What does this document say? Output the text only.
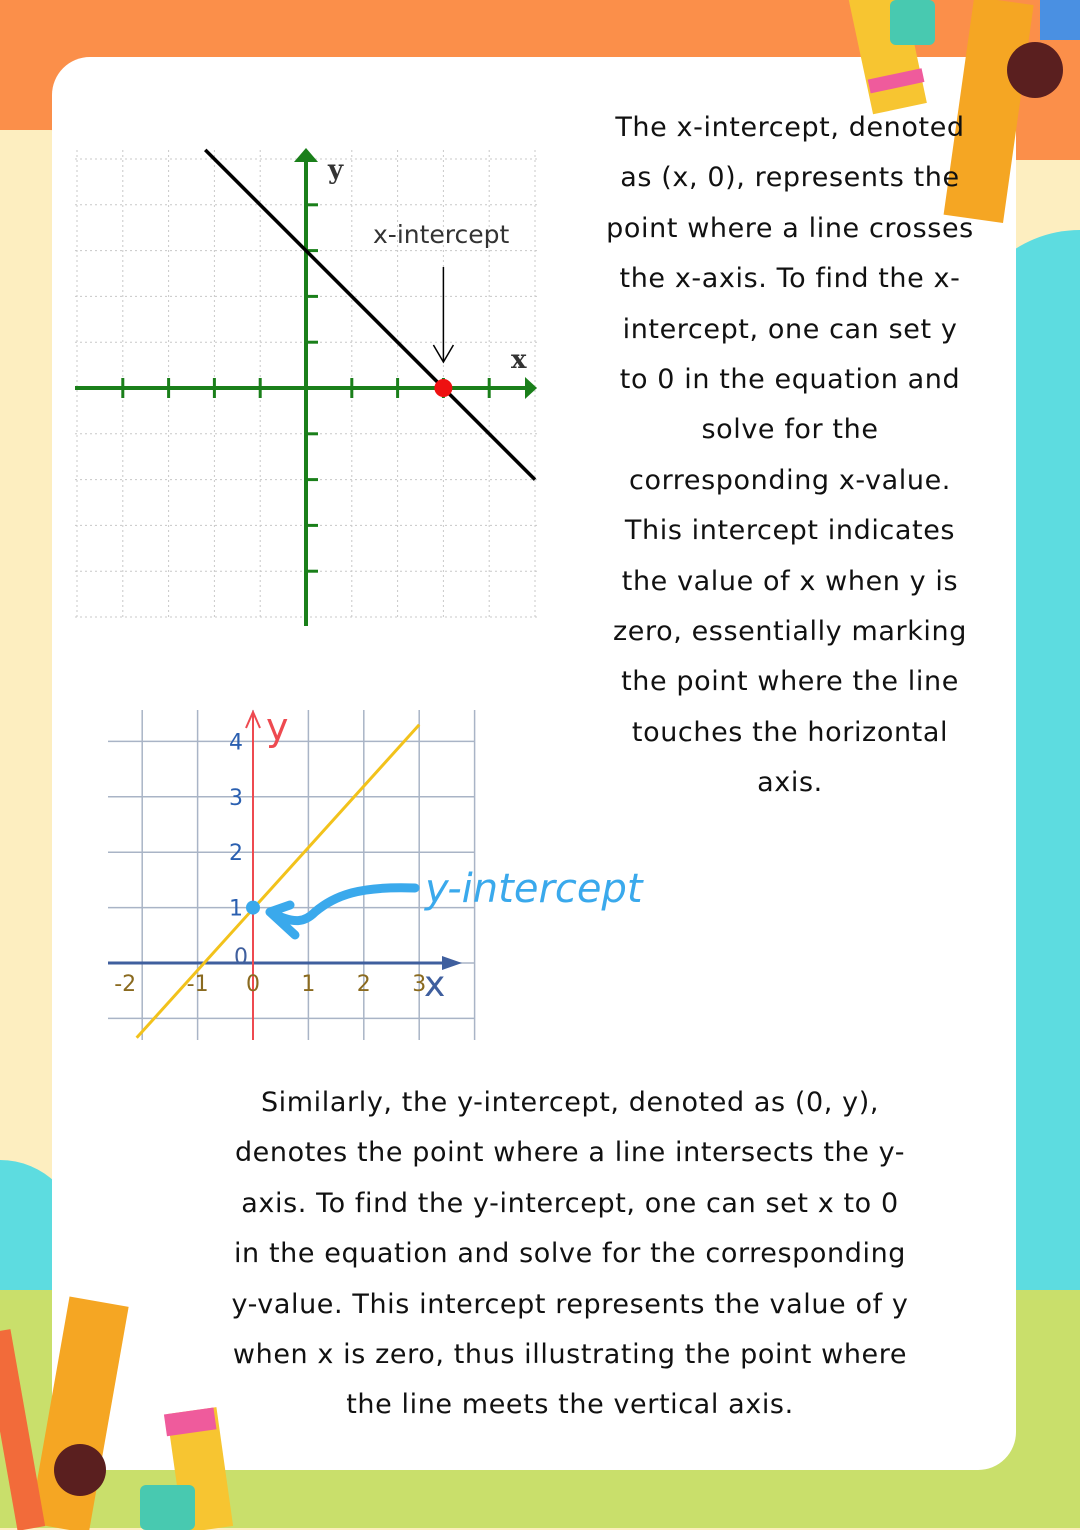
x-intercept
y
x
-2 -1 0 1 2 3
0
1
2
3
4
y-intercept
y
x
The x-intercept, denoted
as (x, 0), represents the
point where a line crosses
the x-axis. To find the x-
intercept, one can set y
to 0 in the equation and
solve for the
corresponding x-value.
This intercept indicates
the value of x when y is
zero, essentially marking
the point where the line
touches the horizontal
axis.
Similarly, the y-intercept, denoted as (0, y),
denotes the point where a line intersects the y-
axis. To find the y-intercept, one can set x to 0
in the equation and solve for the corresponding
y-value. This intercept represents the value of y
when x is zero, thus illustrating the point where
the line meets the vertical axis.
